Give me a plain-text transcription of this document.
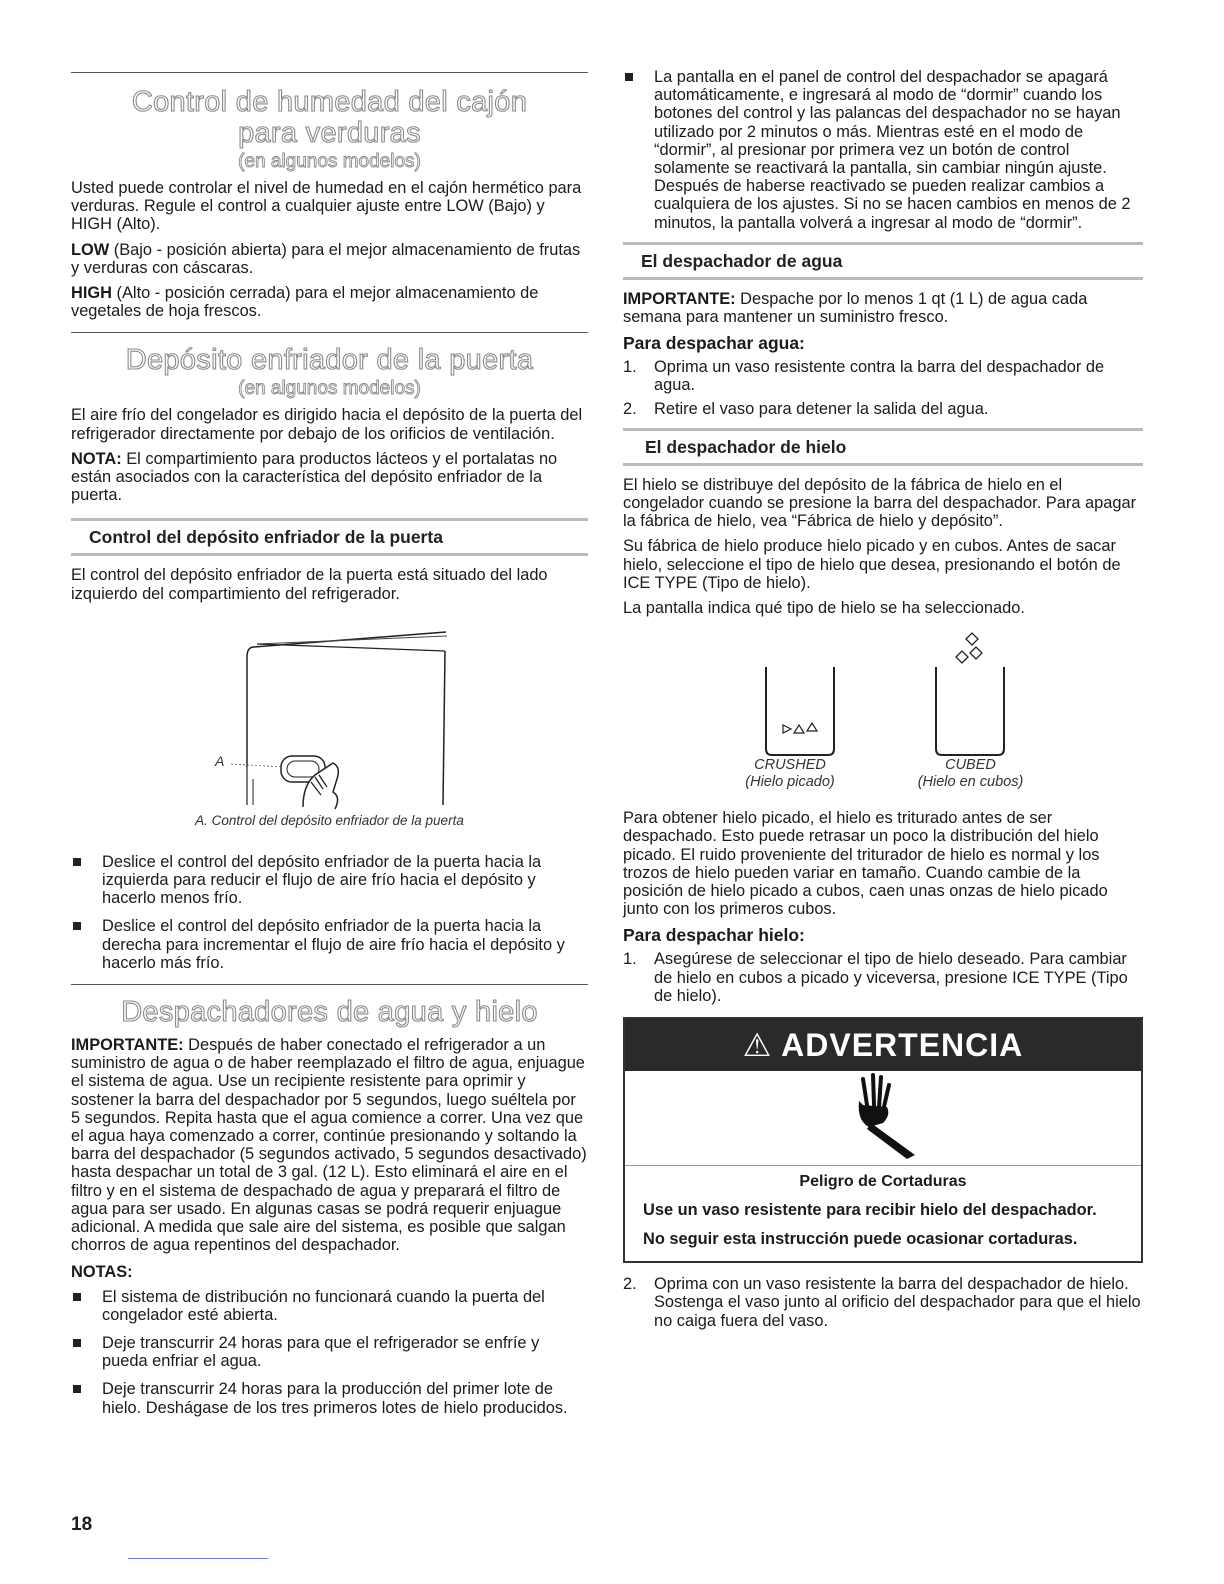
Control de humedad del cajón
para verduras
(en algunos modelos)

Usted puede controlar el nivel de humedad en el cajón hermético para verduras. Regule el control a cualquier ajuste entre LOW (Bajo) y HIGH (Alto).

LOW (Bajo - posición abierta) para el mejor almacenamiento de frutas y verduras con cáscaras.

HIGH (Alto - posición cerrada) para el mejor almacenamiento de vegetales de hoja frescos.

Depósito enfriador de la puerta
(en algunos modelos)

El aire frío del congelador es dirigido hacia el depósito de la puerta del refrigerador directamente por debajo de los orificios de ventilación.

NOTA: El compartimiento para productos lácteos y el portalatas no están asociados con la característica del depósito enfriador de la puerta.

Control del depósito enfriador de la puerta

El control del depósito enfriador de la puerta está situado del lado izquierdo del compartimiento del refrigerador.

A
A. Control del depósito enfriador de la puerta
Deslice el control del depósito enfriador de la puerta hacia la izquierda para reducir el flujo de aire frío hacia el depósito y hacerlo menos frío.
Deslice el control del depósito enfriador de la puerta hacia la derecha para incrementar el flujo de aire frío hacia el depósito y hacerlo más frío.
Despachadores de agua y hielo

IMPORTANTE: Después de haber conectado el refrigerador a un suministro de agua o de haber reemplazado el filtro de agua, enjuague el sistema de agua. Use un recipiente resistente para oprimir y sostener la barra del despachador por 5 segundos, luego suéltela por 5 segundos. Repita hasta que el agua comience a correr. Una vez que el agua haya comenzado a correr, continúe presionando y soltando la barra del despachador (5 segundos activado, 5 segundos desactivado) hasta despachar un total de 3 gal. (12 L). Esto eliminará el aire en el filtro y en el sistema de despachado de agua y preparará el filtro de agua para ser usado. En algunas casas se podrá requerir enjuague adicional. A medida que sale aire del sistema, es posible que salgan chorros de agua repentinos del despachador.

NOTAS:
El sistema de distribución no funcionará cuando la puerta del congelador esté abierta.
Deje transcurrir 24 horas para que el refrigerador se enfríe y pueda enfriar el agua.
Deje transcurrir 24 horas para la producción del primer lote de hielo. Deshágase de los tres primeros lotes de hielo producidos.
La pantalla en el panel de control del despachador se apagará automáticamente, e ingresará al modo de “dormir” cuando los botones del control y las palancas del despachador no se hayan utilizado por 2 minutos o más. Mientras esté en el modo de “dormir”, al presionar por primera vez un botón de control solamente se reactivará la pantalla, sin cambiar ningún ajuste. Después de haberse reactivado se pueden realizar cambios a cualquiera de los ajustes. Si no se hacen cambios en menos de 2 minutos, la pantalla volverá a ingresar al modo de “dormir”.
El despachador de agua

IMPORTANTE: Despache por lo menos 1 qt (1 L) de agua cada semana para mantener un suministro fresco.

Para despachar agua:
1. Oprima un vaso resistente contra la barra del despachador de agua.
2. Retire el vaso para detener la salida del agua.
El despachador de hielo

El hielo se distribuye del depósito de la fábrica de hielo en el congelador cuando se presione la barra del despachador. Para apagar la fábrica de hielo, vea “Fábrica de hielo y depósito”.

Su fábrica de hielo produce hielo picado y en cubos. Antes de sacar hielo, seleccione el tipo de hielo que desea, presionando el botón de ICE TYPE (Tipo de hielo).

La pantalla indica qué tipo de hielo se ha seleccionado.

CRUSHED
(Hielo picado)
CUBED
(Hielo en cubos)

Para obtener hielo picado, el hielo es triturado antes de ser despachado. Esto puede retrasar un poco la distribución del hielo picado. El ruido proveniente del triturador de hielo es normal y los trozos de hielo pueden variar en tamaño. Cuando cambie de la posición de hielo picado a cubos, caen unas onzas de hielo picado junto con los primeros cubos.

Para despachar hielo:
1. Asegúrese de seleccionar el tipo de hielo deseado. Para cambiar de hielo en cubos a picado y viceversa, presione ICE TYPE (Tipo de hielo).
⚠ ADVERTENCIA

Peligro de Cortaduras

Use un vaso resistente para recibir hielo del despachador.

No seguir esta instrucción puede ocasionar cortaduras.

2. Oprima con un vaso resistente la barra del despachador de hielo. Sostenga el vaso junto al orificio del despachador para que el hielo no caiga fuera del vaso.
18
